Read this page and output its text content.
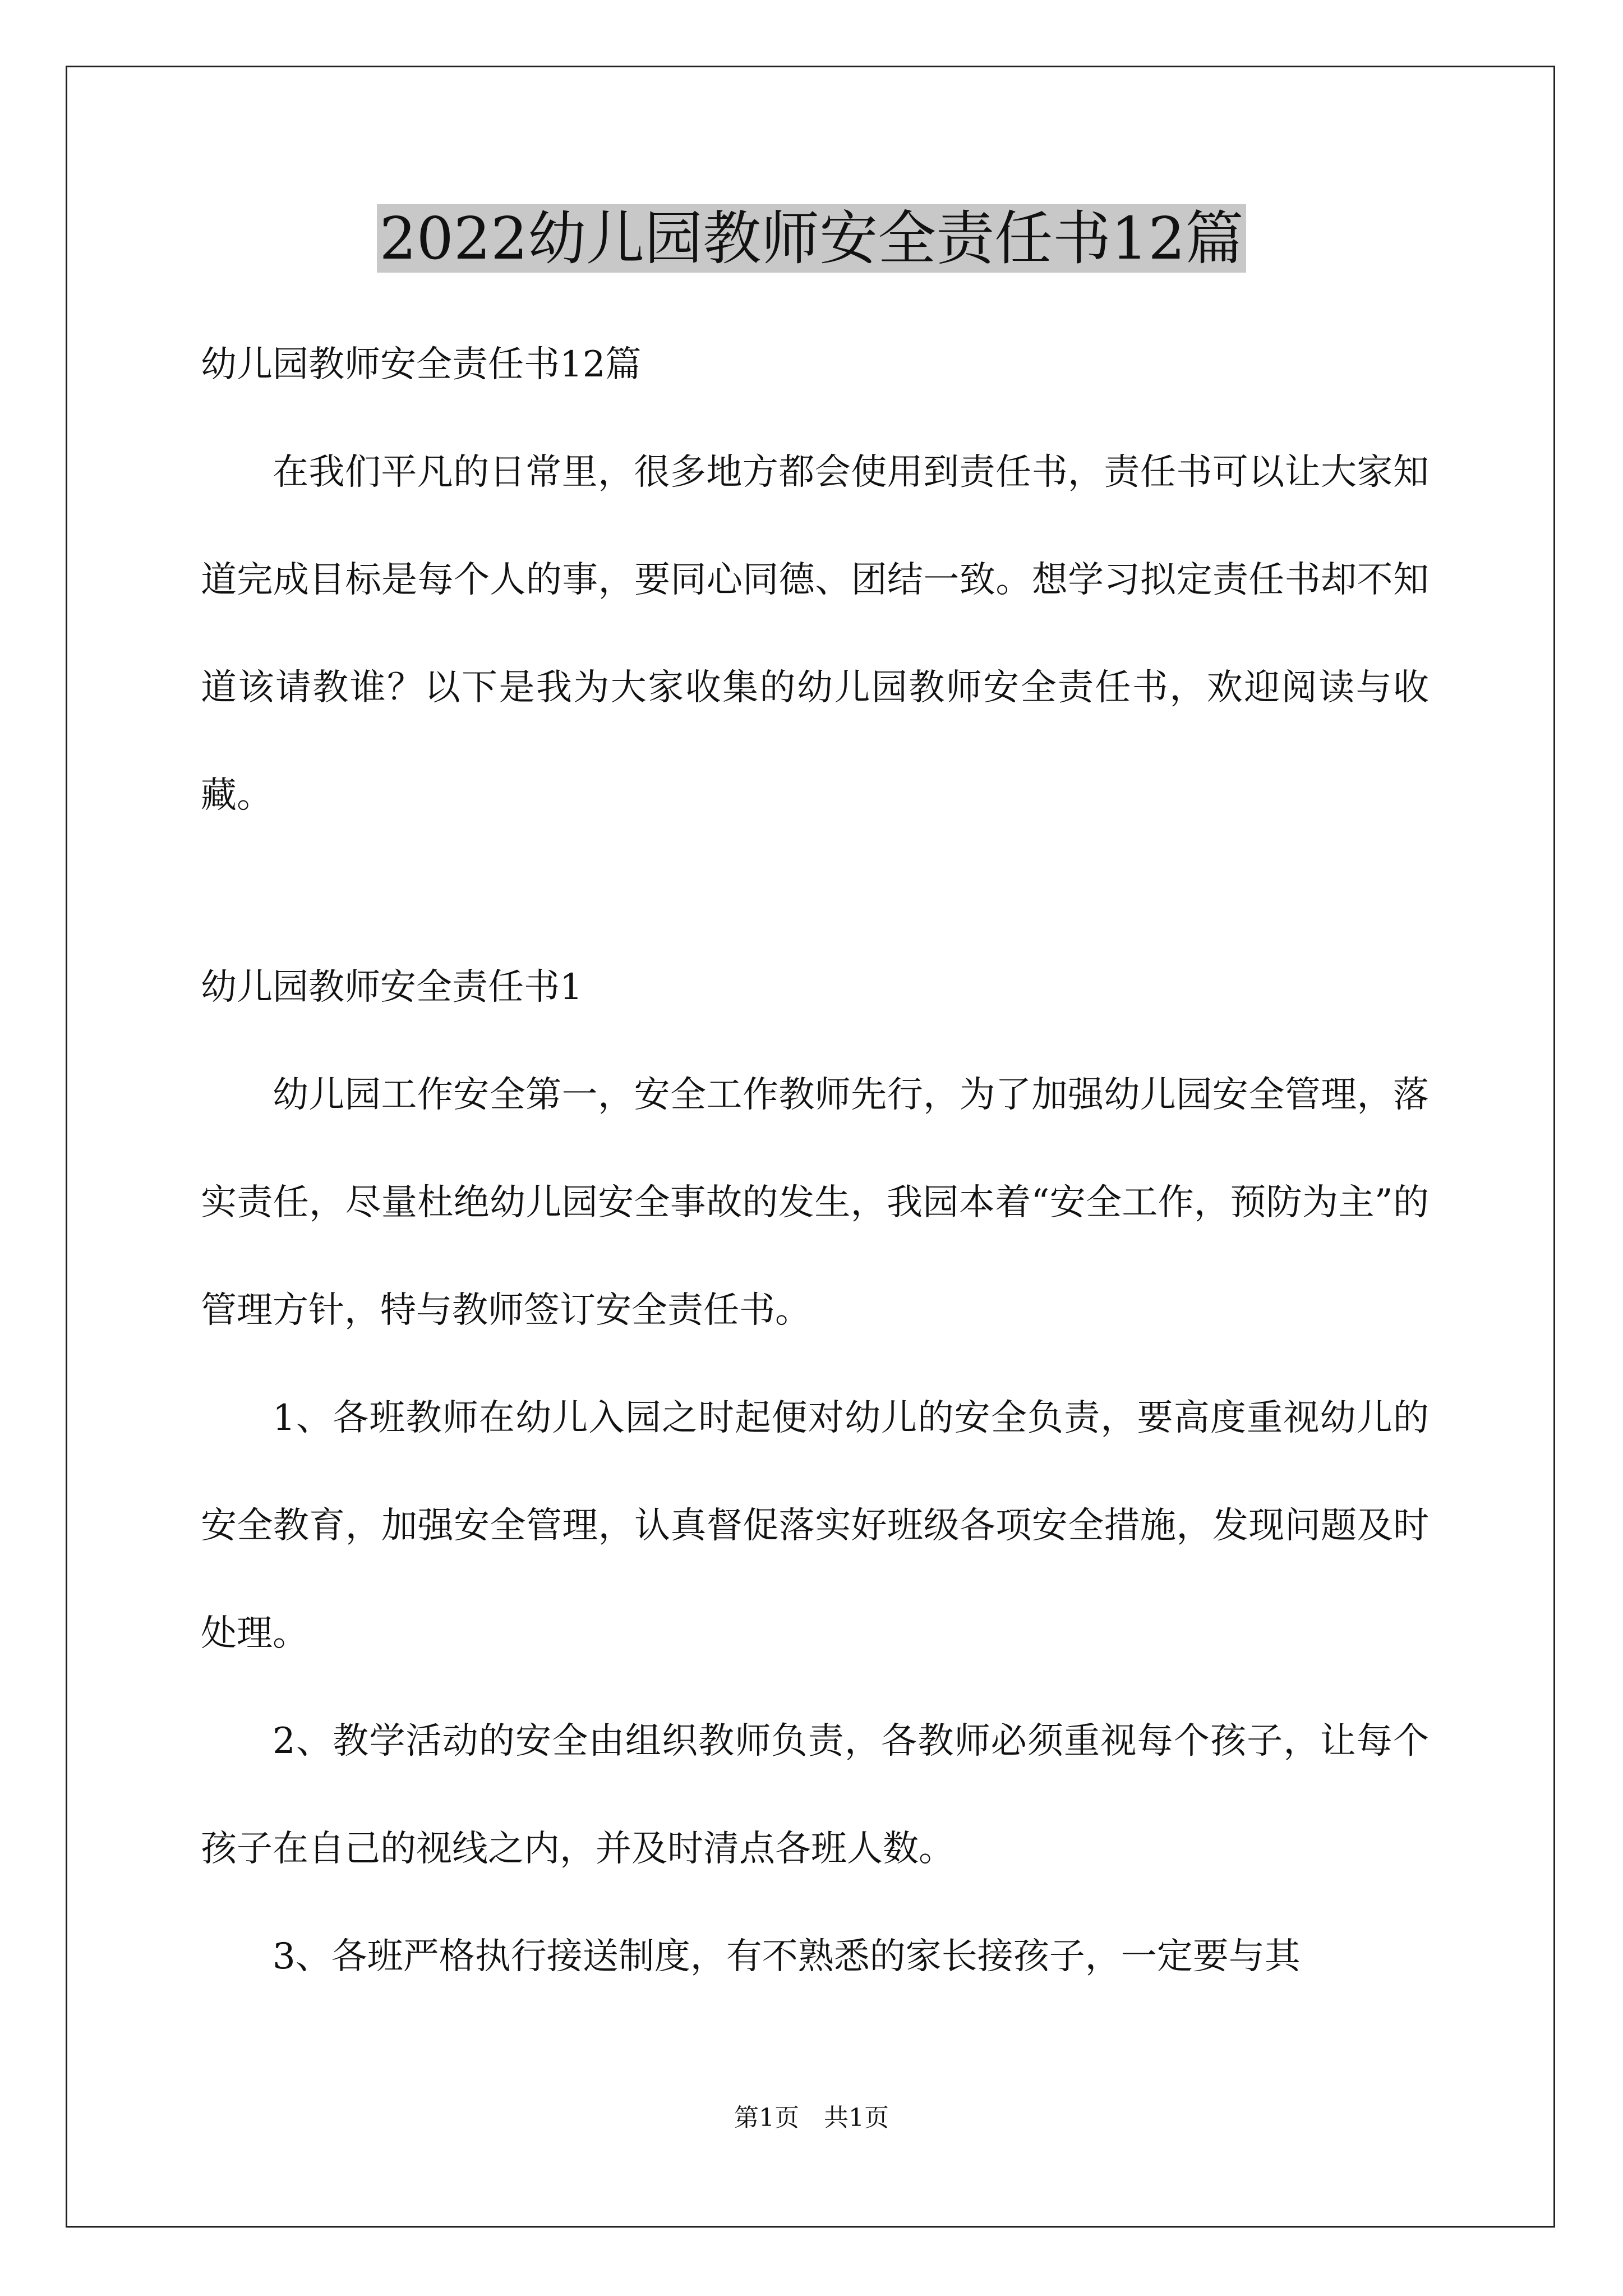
2022幼儿园教师安全责任书12篇

幼儿园教师安全责任书12篇

在我们平凡的日常里，很多地方都会使用到责任书，责任书可以让大家知道完成目标是每个人的事，要同心同德、团结一致。想学习拟定责任书却不知道该请教谁？以下是我为大家收集的幼儿园教师安全责任书，欢迎阅读与收藏。

幼儿园教师安全责任书1

幼儿园工作安全第一，安全工作教师先行，为了加强幼儿园安全管理，落实责任，尽量杜绝幼儿园安全事故的发生，我园本着“安全工作，预防为主”的管理方针，特与教师签订安全责任书。

1、各班教师在幼儿入园之时起便对幼儿的安全负责，要高度重视幼儿的安全教育，加强安全管理，认真督促落实好班级各项安全措施，发现问题及时处理。

2、教学活动的安全由组织教师负责，各教师必须重视每个孩子，让每个孩子在自己的视线之内，并及时清点各班人数。

3、各班严格执行接送制度，有不熟悉的家长接孩子，一定要与其

第1页　共1页
